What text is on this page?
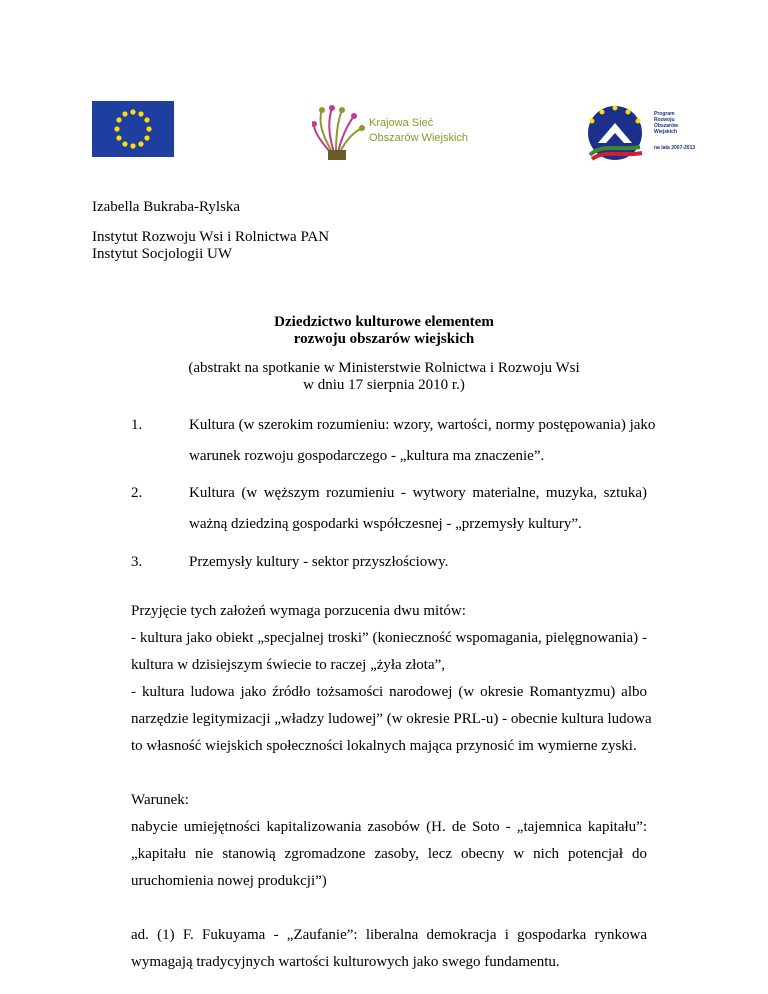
Krajowa Sieć
Obszarów Wiejskich
Program
Rozwoju
Obszarów
Wiejskich
na lata 2007-2013
Izabella Bukraba-Rylska
Instytut Rozwoju Wsi i Rolnictwa PAN
Instytut Socjologii UW
Dziedzictwo kulturowe elementem
rozwoju obszarów wiejskich
(abstrakt na spotkanie w Ministerstwie Rolnictwa i Rozwoju Wsi
w dniu 17 sierpnia 2010 r.)
1.	Kultura (w szerokim rozumieniu: wzory, wartości, normy postępowania) jako
warunek rozwoju gospodarczego - „kultura ma znaczenie”.
2.	Kultura (w węższym rozumieniu - wytwory materialne, muzyka, sztuka)
ważną dziedziną gospodarki współczesnej - „przemysły kultury”.
3.	Przemysły kultury - sektor przyszłościowy.
Przyjęcie tych założeń wymaga porzucenia dwu mitów:
- kultura jako obiekt „specjalnej troski” (konieczność wspomagania, pielęgnowania) -
kultura w dzisiejszym świecie to raczej „żyła złota”,
- kultura ludowa jako źródło tożsamości narodowej (w okresie Romantyzmu) albo
narzędzie legitymizacji „władzy ludowej” (w okresie PRL-u) - obecnie kultura ludowa
to własność wiejskich społeczności lokalnych mająca przynosić im wymierne zyski.
Warunek:
nabycie umiejętności kapitalizowania zasobów (H. de Soto - „tajemnica kapitału”:
„kapitału nie stanowią zgromadzone zasoby, lecz obecny w nich potencjał do
uruchomienia nowej produkcji”)
ad. (1) F. Fukuyama - „Zaufanie”: liberalna demokracja i gospodarka rynkowa
wymagają tradycyjnych wartości kulturowych jako swego fundamentu.
